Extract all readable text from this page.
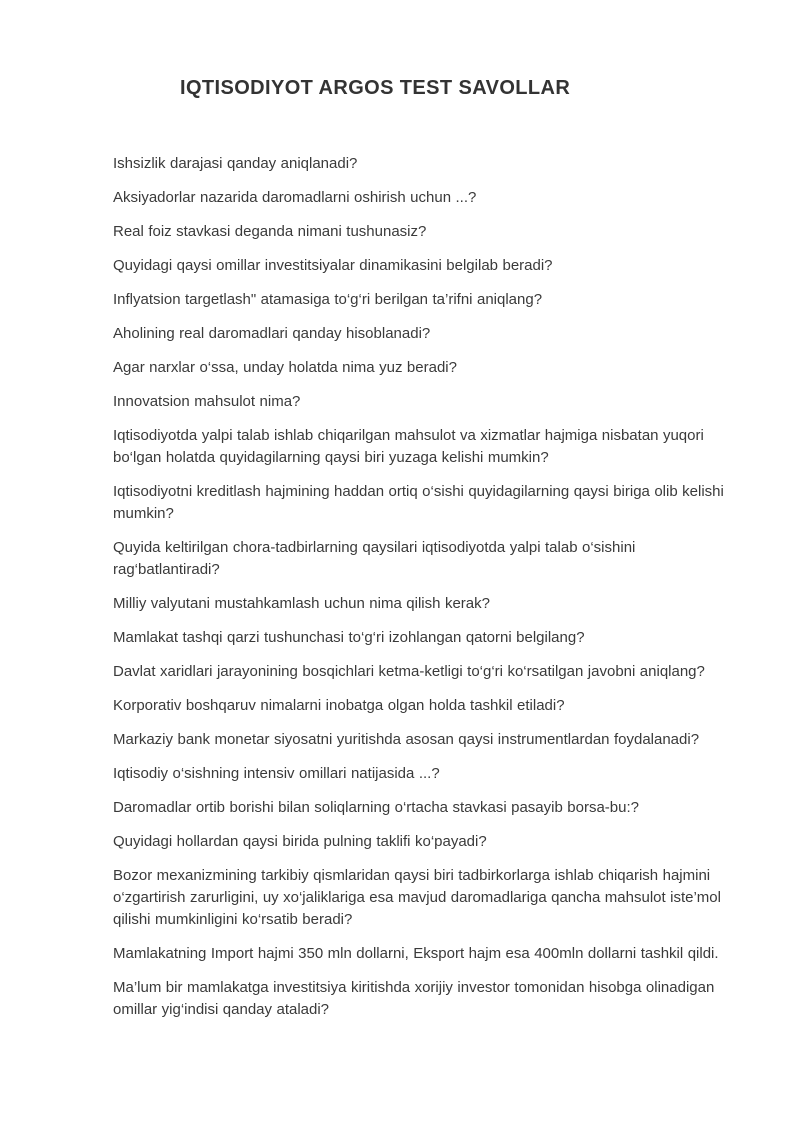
IQTISODIYOT ARGOS TEST SAVOLLAR

Ishsizlik darajasi qanday aniqlanadi?

Aksiyadorlar nazarida daromadlarni oshirish uchun ...?

Real foiz stavkasi deganda nimani tushunasiz?

Quyidagi qaysi omillar investitsiyalar dinamikasini belgilab beradi?

Inflyatsion targetlash" atamasiga to‘g‘ri berilgan ta’rifni aniqlang?

Aholining real daromadlari qanday hisoblanadi?

Agar narxlar o‘ssa, unday holatda nima yuz beradi?

Innovatsion mahsulot nima?

Iqtisodiyotda yalpi talab ishlab chiqarilgan mahsulot va xizmatlar hajmiga nisbatan yuqori bo‘lgan holatda quyidagilarning qaysi biri yuzaga kelishi mumkin?

Iqtisodiyotni kreditlash hajmining haddan ortiq o‘sishi quyidagilarning qaysi biriga olib kelishi mumkin?

Quyida keltirilgan chora-tadbirlarning qaysilari iqtisodiyotda yalpi talab o‘sishini rag‘batlantiradi?

Milliy valyutani mustahkamlash uchun nima qilish kerak?

Mamlakat tashqi qarzi tushunchasi to‘g‘ri izohlangan qatorni belgilang?

Davlat xaridlari jarayonining bosqichlari ketma-ketligi to‘g‘ri ko‘rsatilgan javobni aniqlang?

Korporativ boshqaruv nimalarni inobatga olgan holda tashkil etiladi?

Markaziy bank monetar siyosatni yuritishda asosan qaysi instrumentlardan foydalanadi?

Iqtisodiy o‘sishning intensiv omillari natijasida ...?

Daromadlar ortib borishi bilan soliqlarning o‘rtacha stavkasi pasayib borsa-bu:?

Quyidagi hollardan qaysi birida pulning taklifi ko‘payadi?

Bozor mexanizmining tarkibiy qismlaridan qaysi biri tadbirkorlarga ishlab chiqarish hajmini o‘zgartirish zarurligini, uy xo‘jaliklariga esa mavjud daromadlariga qancha mahsulot iste’mol qilishi mumkinligini ko‘rsatib beradi?

Mamlakatning Import hajmi 350 mln dollarni, Eksport hajm esa 400mln dollarni tashkil qildi.

Ma’lum bir mamlakatga investitsiya kiritishda xorijiy investor tomonidan hisobga olinadigan omillar yig‘indisi qanday ataladi?
